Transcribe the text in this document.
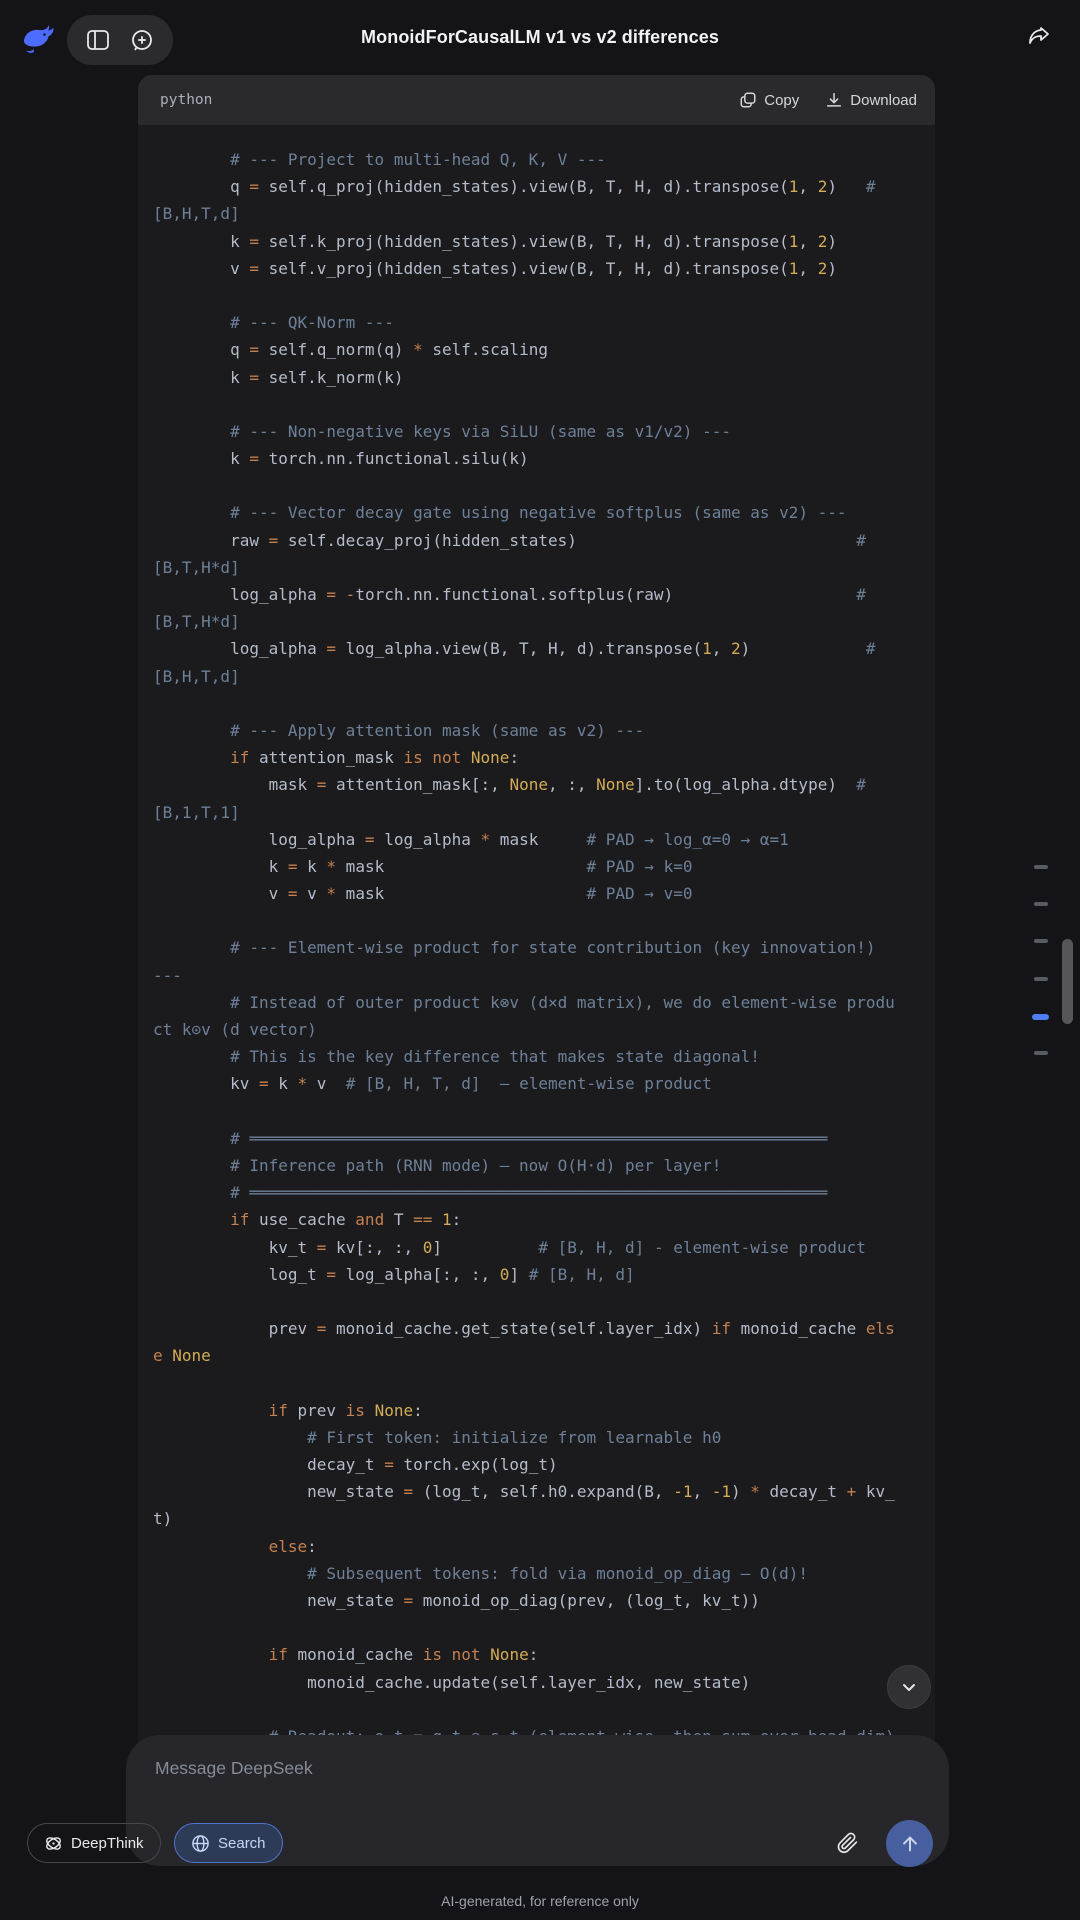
MonoidForCausalLM v1 vs v2 differences
python	Copy	Download
# --- Project to multi-head Q, K, V ---
q = self.q_proj(hidden_states).view(B, T, H, d).transpose(1, 2)   #
[B,H,T,d]
k = self.k_proj(hidden_states).view(B, T, H, d).transpose(1, 2)
v = self.v_proj(hidden_states).view(B, T, H, d).transpose(1, 2)

# --- QK-Norm ---
q = self.q_norm(q) * self.scaling
k = self.k_norm(k)

# --- Non-negative keys via SiLU (same as v1/v2) ---
k = torch.nn.functional.silu(k)

# --- Vector decay gate using negative softplus (same as v2) ---
raw = self.decay_proj(hidden_states)                             #
[B,T,H*d]
log_alpha = -torch.nn.functional.softplus(raw)                   #
[B,T,H*d]
log_alpha = log_alpha.view(B, T, H, d).transpose(1, 2)            #
[B,H,T,d]

# --- Apply attention mask (same as v2) ---
if attention_mask is not None:
mask = attention_mask[:, None, :, None].to(log_alpha.dtype)  #
[B,1,T,1]
log_alpha = log_alpha * mask     # PAD → log_α=0 → α=1
k = k * mask                     # PAD → k=0
v = v * mask                     # PAD → v=0

# --- Element-wise product for state contribution (key innovation!)
---
# Instead of outer product k⊗v (d×d matrix), we do element-wise produ
ct k⊙v (d vector)
# This is the key difference that makes state diagonal!
kv = k * v  # [B, H, T, d]  – element-wise product

# ════════════════════════════════════════════════════════════
# Inference path (RNN mode) — now O(H·d) per layer!
# ════════════════════════════════════════════════════════════
if use_cache and T == 1:
kv_t = kv[:, :, 0]          # [B, H, d] - element-wise product
log_t = log_alpha[:, :, 0] # [B, H, d]

prev = monoid_cache.get_state(self.layer_idx) if monoid_cache els
e None

if prev is None:
# First token: initialize from learnable h0
decay_t = torch.exp(log_t)
new_state = (log_t, self.h0.expand(B, -1, -1) * decay_t + kv_
t)
else:
# Subsequent tokens: fold via monoid_op_diag — O(d)!
new_state = monoid_op_diag(prev, (log_t, kv_t))

if monoid_cache is not None:
monoid_cache.update(self.layer_idx, new_state)

Message DeepSeek
DeepThink	Search
AI-generated, for reference only
